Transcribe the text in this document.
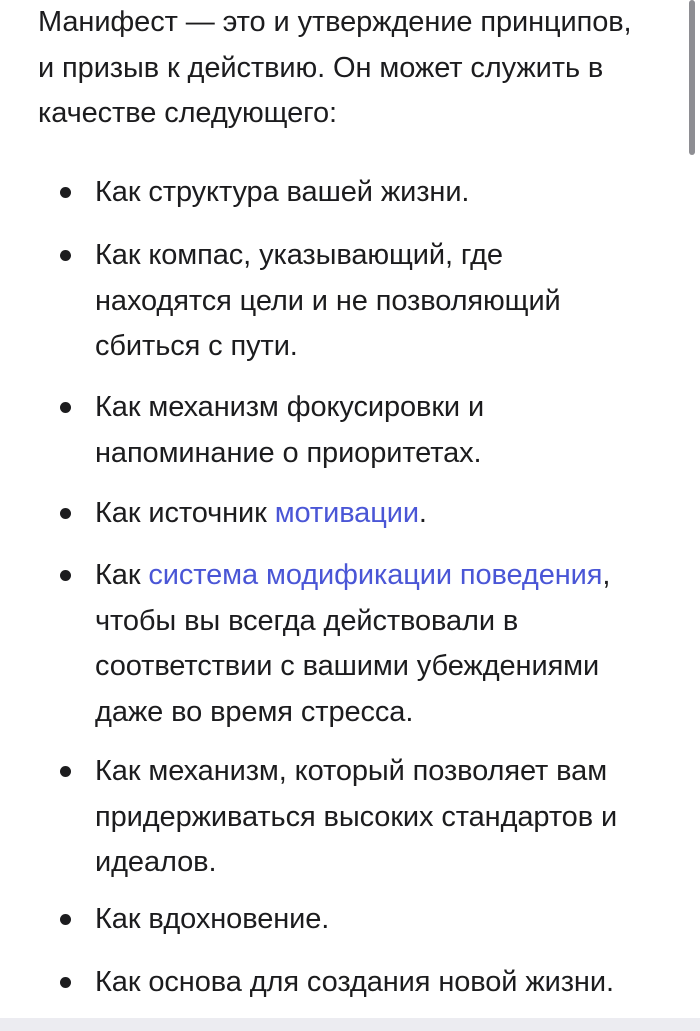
Манифест — это и утверждение принципов,
и призыв к действию. Он может служить в
качестве следующего:

Как структура вашей жизни.
Как компас, указывающий, где
находятся цели и не позволяющий
сбиться с пути.
Как механизм фокусировки и
напоминание о приоритетах.
Как источник мотивации.
Как система модификации поведения,
чтобы вы всегда действовали в
соответствии с вашими убеждениями
даже во время стресса.
Как механизм, который позволяет вам
придерживаться высоких стандартов и
идеалов.
Как вдохновение.
Как основа для создания новой жизни.
